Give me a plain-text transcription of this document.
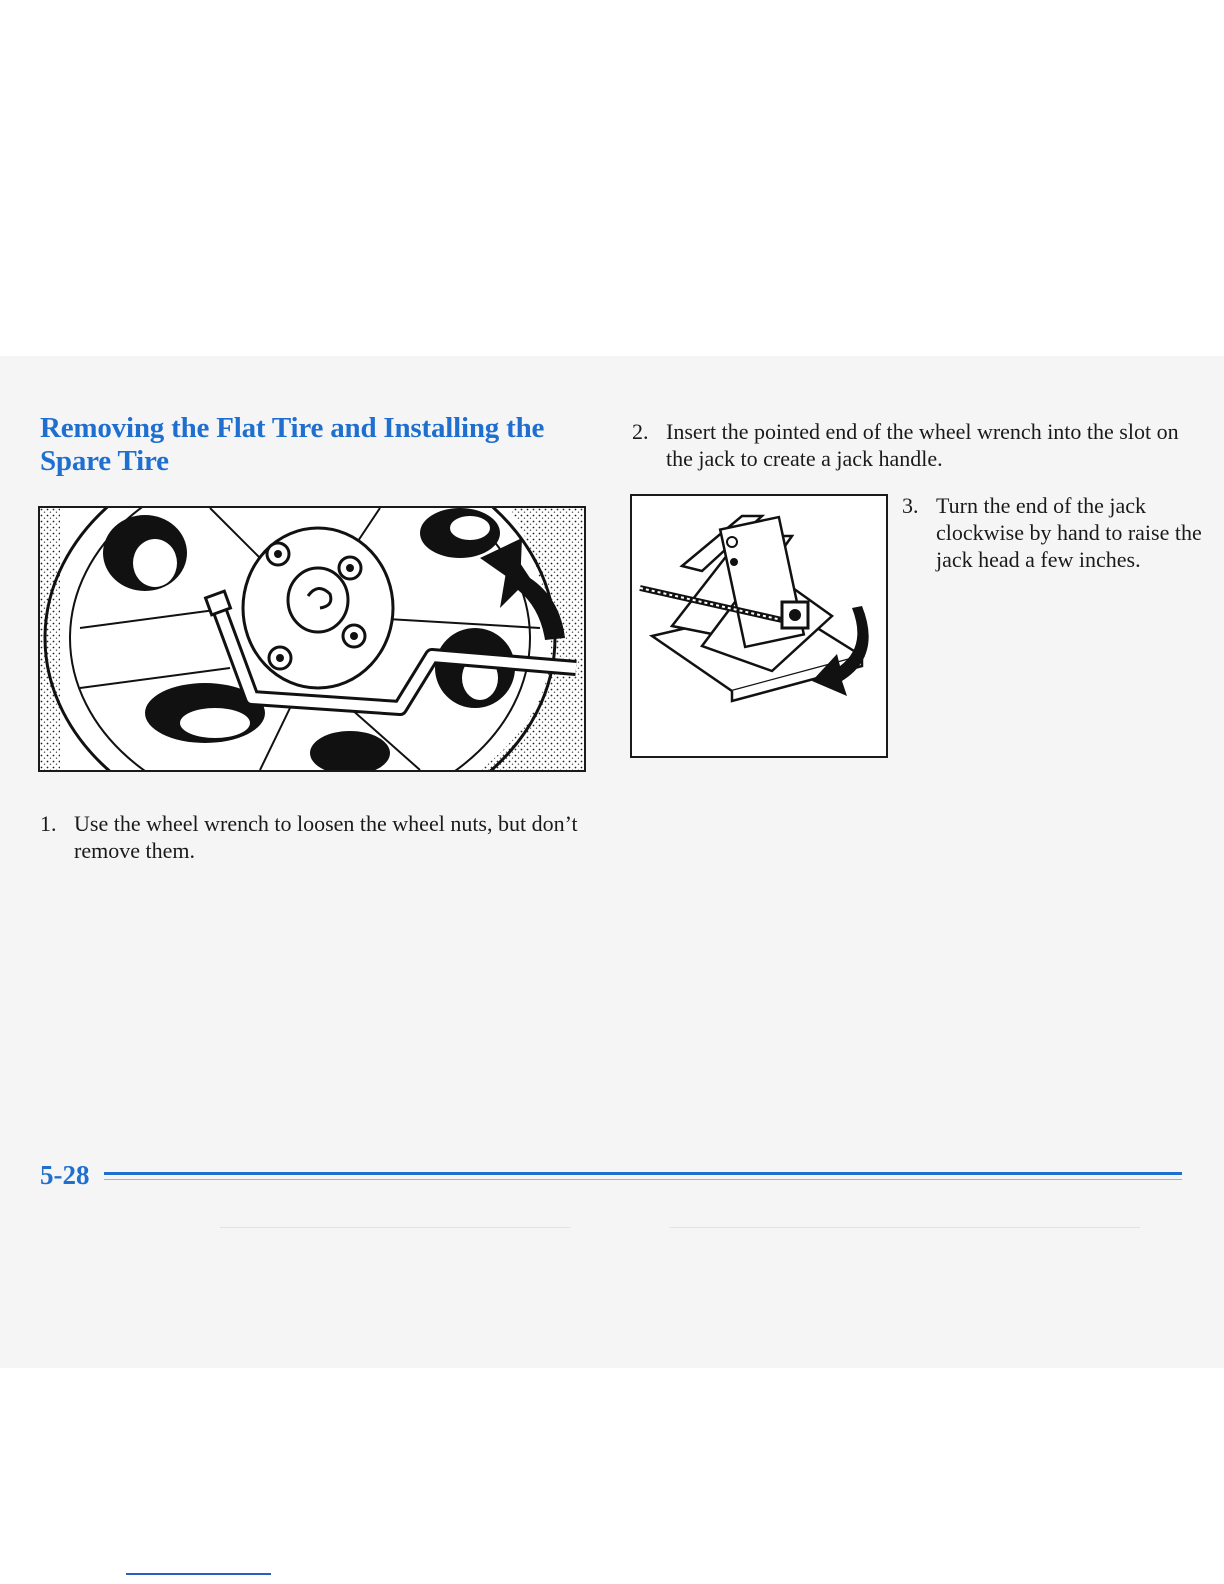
Removing the Flat Tire and Installing the Spare Tire

1. Use the wheel wrench to loosen the wheel nuts, but don’t remove them.

2. Insert the pointed end of the wheel wrench into the slot on the jack to create a jack handle.

3. Turn the end of the jack clockwise by hand to raise the jack head a few inches.

5-28
